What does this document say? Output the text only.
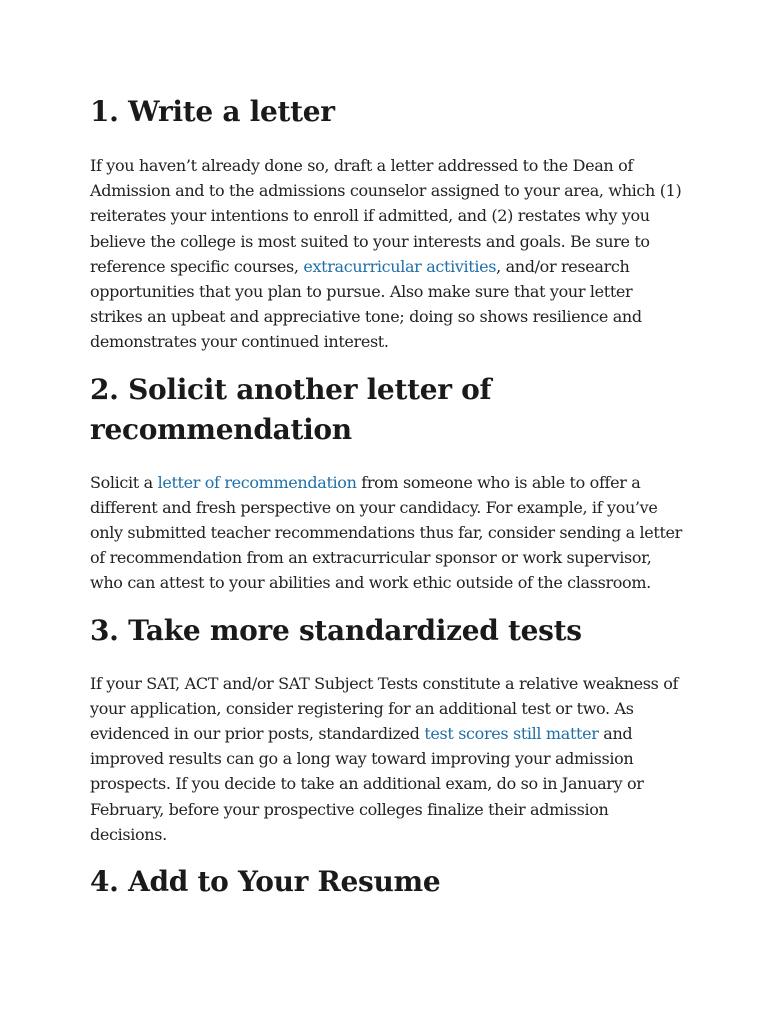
1. Write a letter

If you haven’t already done so, draft a letter addressed to the Dean of Admission and to the admissions counselor assigned to your area, which (1) reiterates your intentions to enroll if admitted, and (2) restates why you believe the college is most suited to your interests and goals. Be sure to reference specific courses, extracurricular activities, and/or research opportunities that you plan to pursue. Also make sure that your letter strikes an upbeat and appreciative tone; doing so shows resilience and demonstrates your continued interest.

2. Solicit another letter of recommendation

Solicit a letter of recommendation from someone who is able to offer a different and fresh perspective on your candidacy. For example, if you’ve only submitted teacher recommendations thus far, consider sending a letter of recommendation from an extracurricular sponsor or work supervisor, who can attest to your abilities and work ethic outside of the classroom.

3. Take more standardized tests

If your SAT, ACT and/or SAT Subject Tests constitute a relative weakness of your application, consider registering for an additional test or two. As evidenced in our prior posts, standardized test scores still matter and improved results can go a long way toward improving your admission prospects. If you decide to take an additional exam, do so in January or February, before your prospective colleges finalize their admission decisions.

4. Add to Your Resume
